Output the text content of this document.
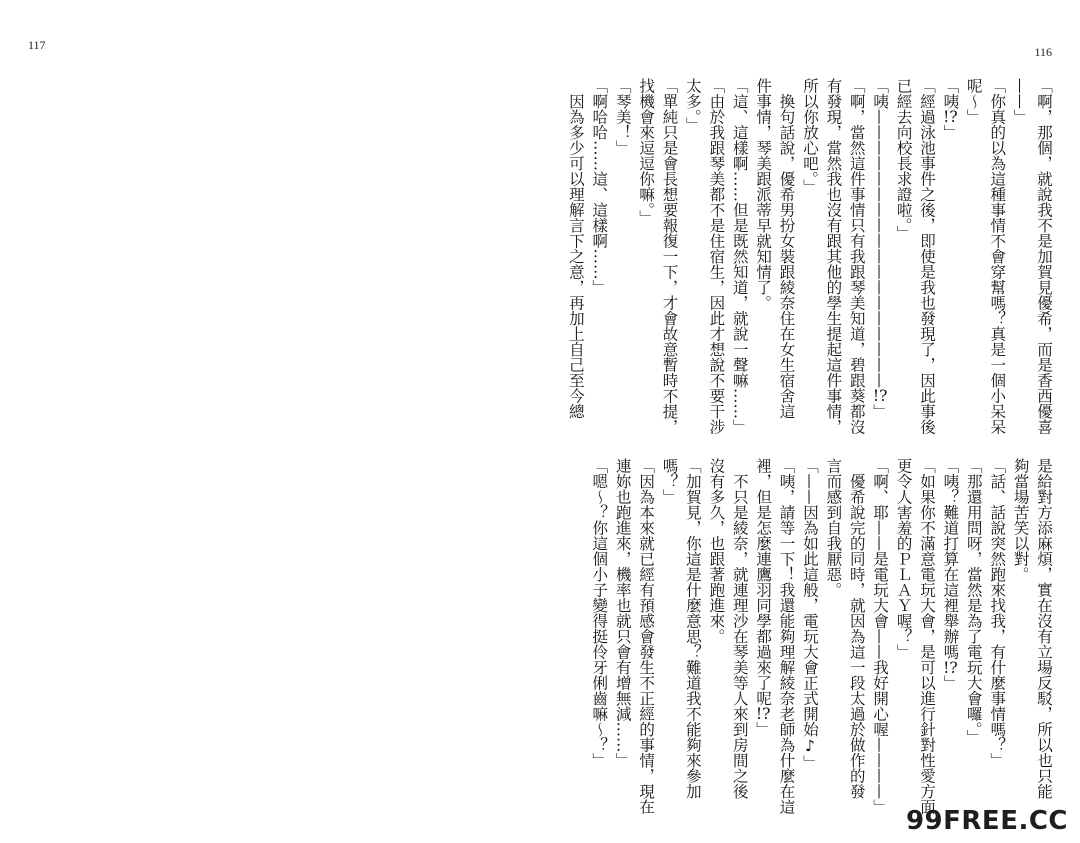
117	116
「啊，那個，就說我不是加賀見優希，而是香西優喜
——」
「你真的以為這種事情不會穿幫嗎？真是一個小呆呆
呢～」
「咦!?」
「經過泳池事件之後，即使是我也發現了，因此事後
已經去向校長求證啦。」
「咦——————————————————!?」
「啊，當然這件事情只有我跟琴美知道，碧跟葵都沒
有發現，當然我也沒有跟其他的學生提起這件事情，
所以你放心吧。」
　換句話說，優希男扮女裝跟綾奈住在女生宿舍這
件事情，琴美跟派蒂早就知情了。
「這、這樣啊……但是既然知道，就說一聲嘛……」
「由於我跟琴美都不是住宿生，因此才想說不要干涉
太多。」
「單純只是會長想要報復一下，才會故意暫時不提，
找機會來逗逗你嘛。」
「琴美！」
「啊哈哈……這、這樣啊……」
　因為多少可以理解言下之意，再加上自己至今總
是給對方添麻煩，實在沒有立場反駁，所以也只能
夠當場苦笑以對。
「話、話說突然跑來找我，有什麼事情嗎？」
「那還用問呀，當然是為了電玩大會囉。」
「咦？難道打算在這裡舉辦嗎!?」
「如果你不滿意電玩大會，是可以進行針對性愛方面
更令人害羞的ＰＬＡＹ喔？」
「啊、耶——是電玩大會——我好開心喔————」
　優希說完的同時，就因為這一段太過於做作的發
言而感到自我厭惡。
「——因為如此這般，電玩大會正式開始♪」
「咦，請等一下！我還能夠理解綾奈老師為什麼在這
裡，但是怎麼連鷹羽同學都過來了呢!?」
　不只是綾奈，就連理沙在琴美等人來到房間之後
沒有多久，也跟著跑進來。
「加賀見，你這是什麼意思？難道我不能夠來參加
嗎？」
「因為本來就已經有預感會發生不正經的事情，現在
連妳也跑進來，機率也就只會有增無減……」
「嗯～？你這個小子變得挺伶牙俐齒嘛～？」
99FREE.CC
